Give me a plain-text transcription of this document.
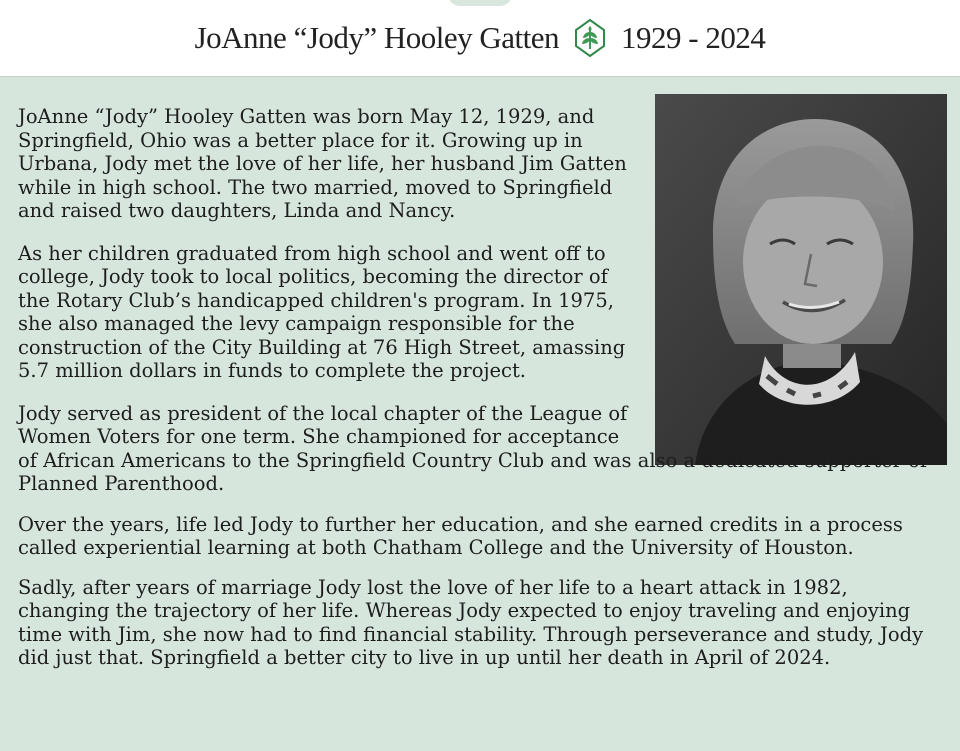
JoAnne “Jody” Hooley Gatten 1929 - 2024

JoAnne “Jody” Hooley Gatten was born May 12, 1929, and Springfield, Ohio was a better place for it. Growing up in Urbana, Jody met the love of her life, her husband Jim Gatten while in high school. The two married, moved to Springfield and raised two daughters, Linda and Nancy.

As her children graduated from high school and went off to college, Jody took to local politics, becoming the director of the Rotary Club’s handicapped children's program. In 1975, she also managed the levy campaign responsible for the construction of the City Building at 76 High Street, amassing 5.7 million dollars in funds to complete the project.

Jody served as president of the local chapter of the League of Women Voters for one term. She championed for acceptance
of African Americans to the Springfield Country Club and was also a dedicated supporter of Planned Parenthood.

Over the years, life led Jody to further her education, and she earned credits in a process called experiential learning at both Chatham College and the University of Houston.

Sadly, after years of marriage Jody lost the love of her life to a heart attack in 1982, changing the trajectory of her life. Whereas Jody expected to enjoy traveling and enjoying time with Jim, she now had to find financial stability. Through perseverance and study, Jody did just that. Springfield a better city to live in up until her death in April of 2024.
